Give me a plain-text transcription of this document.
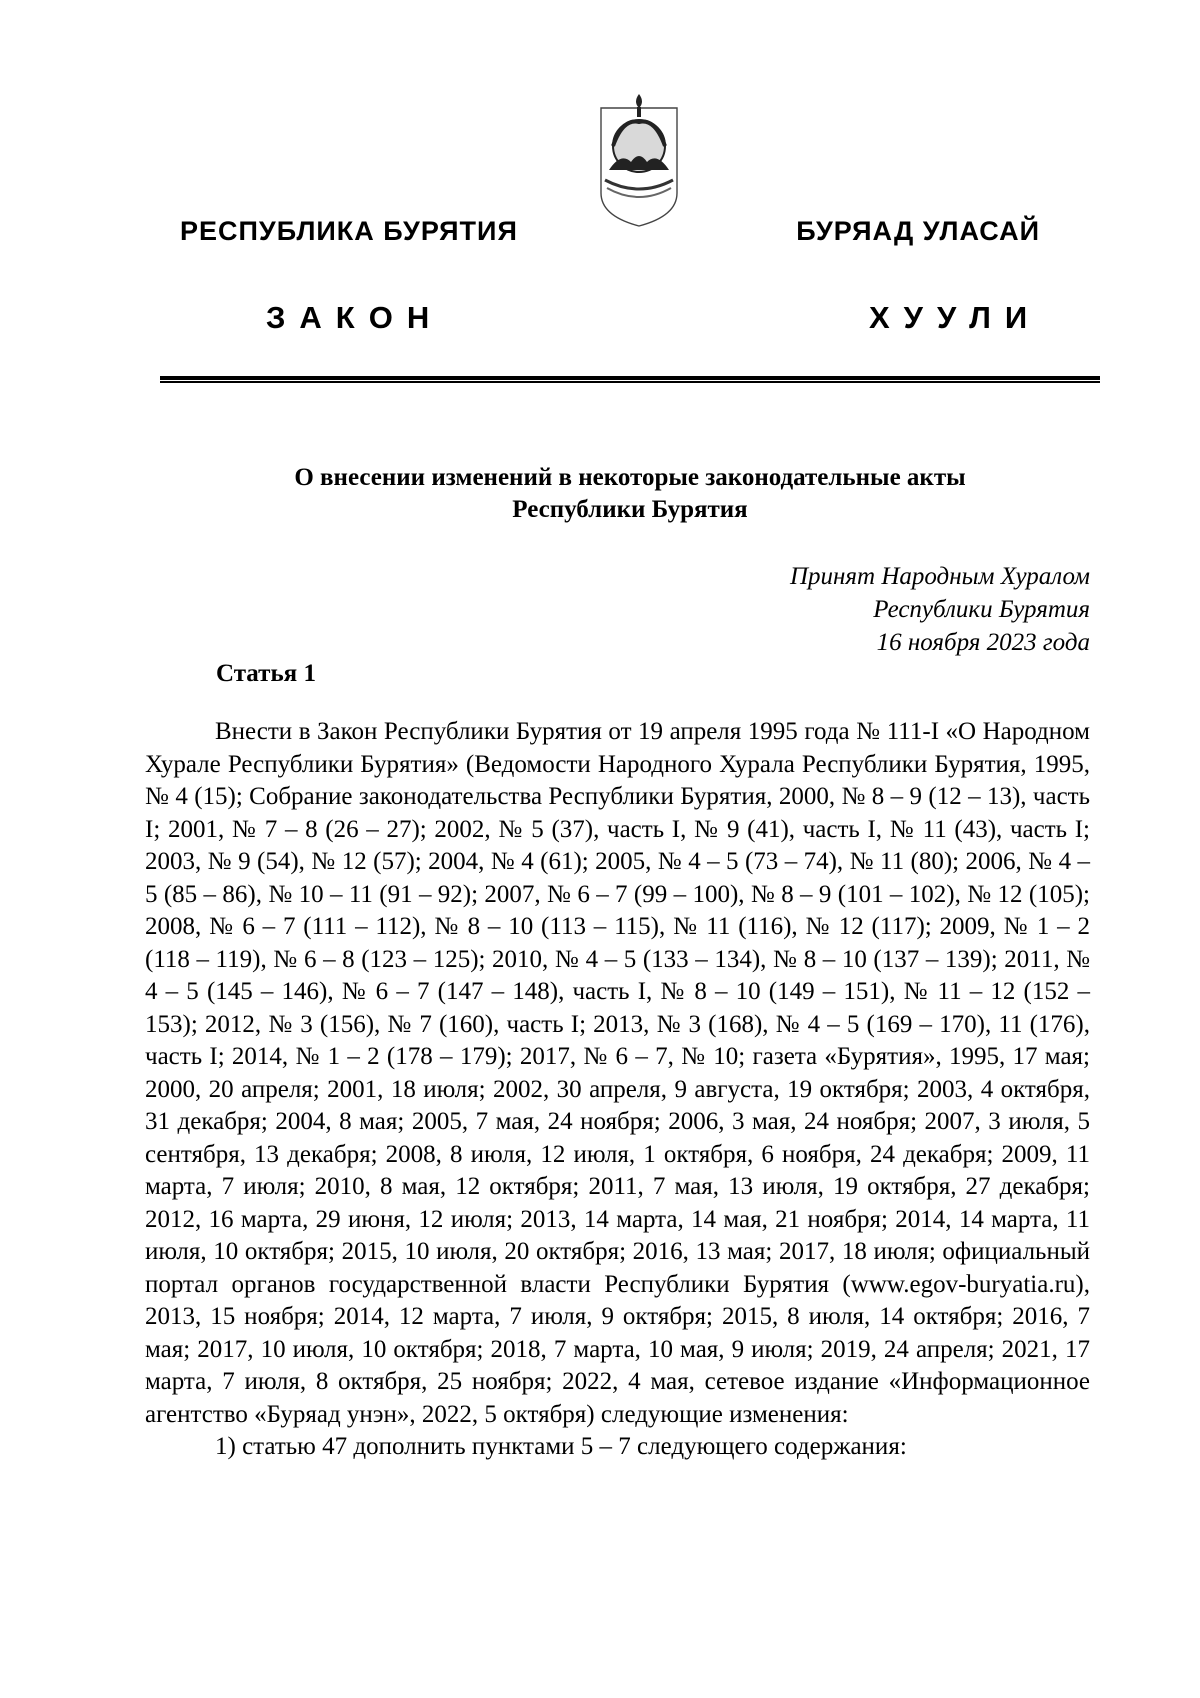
РЕСПУБЛИКА БУРЯТИЯ	БУРЯАД УЛАСАЙ
ЗАКОН	ХУУЛИ
О внесении изменений в некоторые законодательные акты
Республики Бурятия
Принят Народным Хуралом
Республики Бурятия
16 ноября 2023 года
Статья 1

Внести в Закон Республики Бурятия от 19 апреля 1995 года № 111-I «О Народном Хурале Республики Бурятия» (Ведомости Народного Хурала Республики Бурятия, 1995, № 4 (15); Собрание законодательства Республики Бурятия, 2000, № 8 – 9 (12 – 13), часть I; 2001, № 7 – 8 (26 – 27); 2002, № 5 (37), часть I, № 9 (41), часть I, № 11 (43), часть I; 2003, № 9 (54), № 12 (57); 2004, № 4 (61); 2005, № 4 – 5 (73 – 74), № 11 (80); 2006, № 4 – 5 (85 – 86), № 10 – 11 (91 – 92); 2007, № 6 – 7 (99 – 100), № 8 – 9 (101 – 102), № 12 (105); 2008, № 6 – 7 (111 – 112), № 8 – 10 (113 – 115), № 11 (116), № 12 (117); 2009, № 1 – 2 (118 – 119), № 6 – 8 (123 – 125); 2010, № 4 – 5 (133 – 134), № 8 – 10 (137 – 139); 2011, № 4 – 5 (145 – 146), № 6 – 7 (147 – 148), часть I, № 8 – 10 (149 – 151), № 11 – 12 (152 – 153); 2012, № 3 (156), № 7 (160), часть I; 2013, № 3 (168), № 4 – 5 (169 – 170), 11 (176), часть I; 2014, № 1 – 2 (178 – 179); 2017, № 6 – 7, № 10; газета «Бурятия», 1995, 17 мая; 2000, 20 апреля; 2001, 18 июля; 2002, 30 апреля, 9 августа, 19 октября; 2003, 4 октября, 31 декабря; 2004, 8 мая; 2005, 7 мая, 24 ноября; 2006, 3 мая, 24 ноября; 2007, 3 июля, 5 сентября, 13 декабря; 2008, 8 июля, 12 июля, 1 октября, 6 ноября, 24 декабря; 2009, 11 марта, 7 июля; 2010, 8 мая, 12 октября; 2011, 7 мая, 13 июля, 19 октября, 27 декабря; 2012, 16 марта, 29 июня, 12 июля; 2013, 14 марта, 14 мая, 21 ноября; 2014, 14 марта, 11 июля, 10 октября; 2015, 10 июля, 20 октября; 2016, 13 мая; 2017, 18 июля; официальный портал органов государственной власти Республики Бурятия (www.egov-buryatia.ru), 2013, 15 ноября; 2014, 12 марта, 7 июля, 9 октября; 2015, 8 июля, 14 октября; 2016, 7 мая; 2017, 10 июля, 10 октября; 2018, 7 марта, 10 мая, 9 июля; 2019, 24 апреля; 2021, 17 марта, 7 июля, 8 октября, 25 ноября; 2022, 4 мая, сетевое издание «Информационное агентство «Буряад унэн», 2022, 5 октября) следующие изменения:

1) статью 47 дополнить пунктами 5 – 7 следующего содержания:
